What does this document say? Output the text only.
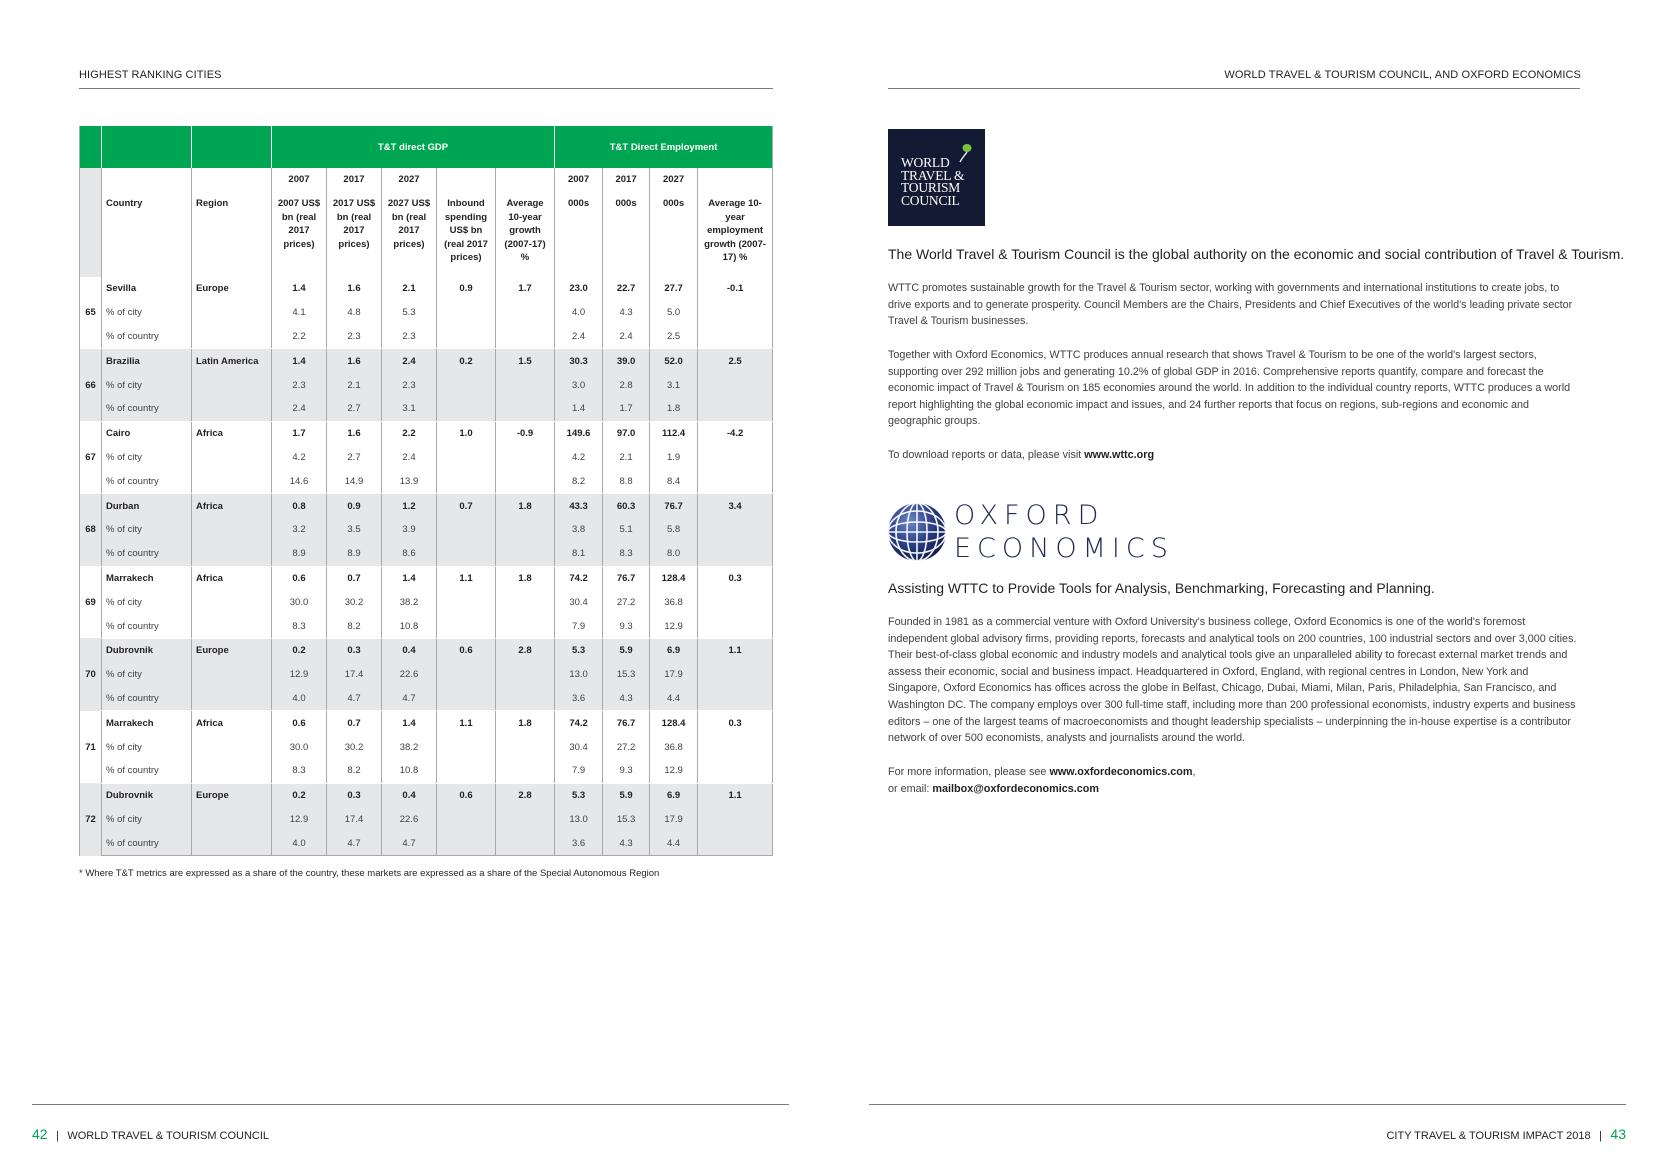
HIGHEST RANKING CITIES
			T&T direct GDP					T&T Direct Employment			
			2007	2017	2027			2007	2017	2027	
	Country	Region	2007 US$ bn (real 2017 prices)	2017 US$ bn (real 2017 prices)	2027 US$ bn (real 2017 prices)	Inbound spending US$ bn (real 2017 prices)	Average 10-year growth (2007-17) %	000s	000s	000s	Average 10-year employment growth (2007-17) %
65	Sevilla	Europe	1.4	1.6	2.1	0.9	1.7	23.0	22.7	27.7	-0.1
	% of city		4.1	4.8	5.3			4.0	4.3	5.0	
	% of country		2.2	2.3	2.3			2.4	2.4	2.5	
66	Brazilia	Latin America	1.4	1.6	2.4	0.2	1.5	30.3	39.0	52.0	2.5
	% of city		2.3	2.1	2.3			3.0	2.8	3.1	
	% of country		2.4	2.7	3.1			1.4	1.7	1.8	
67	Cairo	Africa	1.7	1.6	2.2	1.0	-0.9	149.6	97.0	112.4	-4.2
	% of city		4.2	2.7	2.4			4.2	2.1	1.9	
	% of country		14.6	14.9	13.9			8.2	8.8	8.4	
68	Durban	Africa	0.8	0.9	1.2	0.7	1.8	43.3	60.3	76.7	3.4
	% of city		3.2	3.5	3.9			3.8	5.1	5.8	
	% of country		8.9	8.9	8.6			8.1	8.3	8.0	
69	Marrakech	Africa	0.6	0.7	1.4	1.1	1.8	74.2	76.7	128.4	0.3
	% of city		30.0	30.2	38.2			30.4	27.2	36.8	
	% of country		8.3	8.2	10.8			7.9	9.3	12.9	
70	Dubrovnik	Europe	0.2	0.3	0.4	0.6	2.8	5.3	5.9	6.9	1.1
	% of city		12.9	17.4	22.6			13.0	15.3	17.9	
	% of country		4.0	4.7	4.7			3.6	4.3	4.4	
71	Marrakech	Africa	0.6	0.7	1.4	1.1	1.8	74.2	76.7	128.4	0.3
	% of city		30.0	30.2	38.2			30.4	27.2	36.8	
	% of country		8.3	8.2	10.8			7.9	9.3	12.9	
72	Dubrovnik	Europe	0.2	0.3	0.4	0.6	2.8	5.3	5.9	6.9	1.1
	% of city		12.9	17.4	22.6			13.0	15.3	17.9	
	% of country		4.0	4.7	4.7			3.6	4.3	4.4	
* Where T&T metrics are expressed as a share of the country, these markets are expressed as a share of the Special Autonomous Region
42 | WORLD TRAVEL & TOURISM COUNCIL
WORLD TRAVEL & TOURISM COUNCIL, AND OXFORD ECONOMICS
WORLD
TRAVEL &
TOURISM
COUNCIL
The World Travel & Tourism Council is the global authority on the economic and social contribution of Travel & Tourism.
WTTC promotes sustainable growth for the Travel & Tourism sector, working with governments and international institutions to create jobs, to drive exports and to generate prosperity. Council Members are the Chairs, Presidents and Chief Executives of the world's leading private sector Travel & Tourism businesses.
Together with Oxford Economics, WTTC produces annual research that shows Travel & Tourism to be one of the world's largest sectors, supporting over 292 million jobs and generating 10.2% of global GDP in 2016. Comprehensive reports quantify, compare and forecast the economic impact of Travel & Tourism on 185 economies around the world. In addition to the individual country reports, WTTC produces a world report highlighting the global economic impact and issues, and 24 further reports that focus on regions, sub-regions and economic and geographic groups.
To download reports or data, please visit www.wttc.org
OXFORD
ECONOMICS
Assisting WTTC to Provide Tools for Analysis, Benchmarking, Forecasting and Planning.
Founded in 1981 as a commercial venture with Oxford University's business college, Oxford Economics is one of the world's foremost independent global advisory firms, providing reports, forecasts and analytical tools on 200 countries, 100 industrial sectors and over 3,000 cities. Their best-of-class global economic and industry models and analytical tools give an unparalleled ability to forecast external market trends and assess their economic, social and business impact. Headquartered in Oxford, England, with regional centres in London, New York and Singapore, Oxford Economics has offices across the globe in Belfast, Chicago, Dubai, Miami, Milan, Paris, Philadelphia, San Francisco, and Washington DC. The company employs over 300 full-time staff, including more than 200 professional economists, industry experts and business editors – one of the largest teams of macroeconomists and thought leadership specialists – underpinning the in-house expertise is a contributor network of over 500 economists, analysts and journalists around the world.
For more information, please see www.oxfordeconomics.com,
or email: mailbox@oxfordeconomics.com
CITY TRAVEL & TOURISM IMPACT 2018 | 43
